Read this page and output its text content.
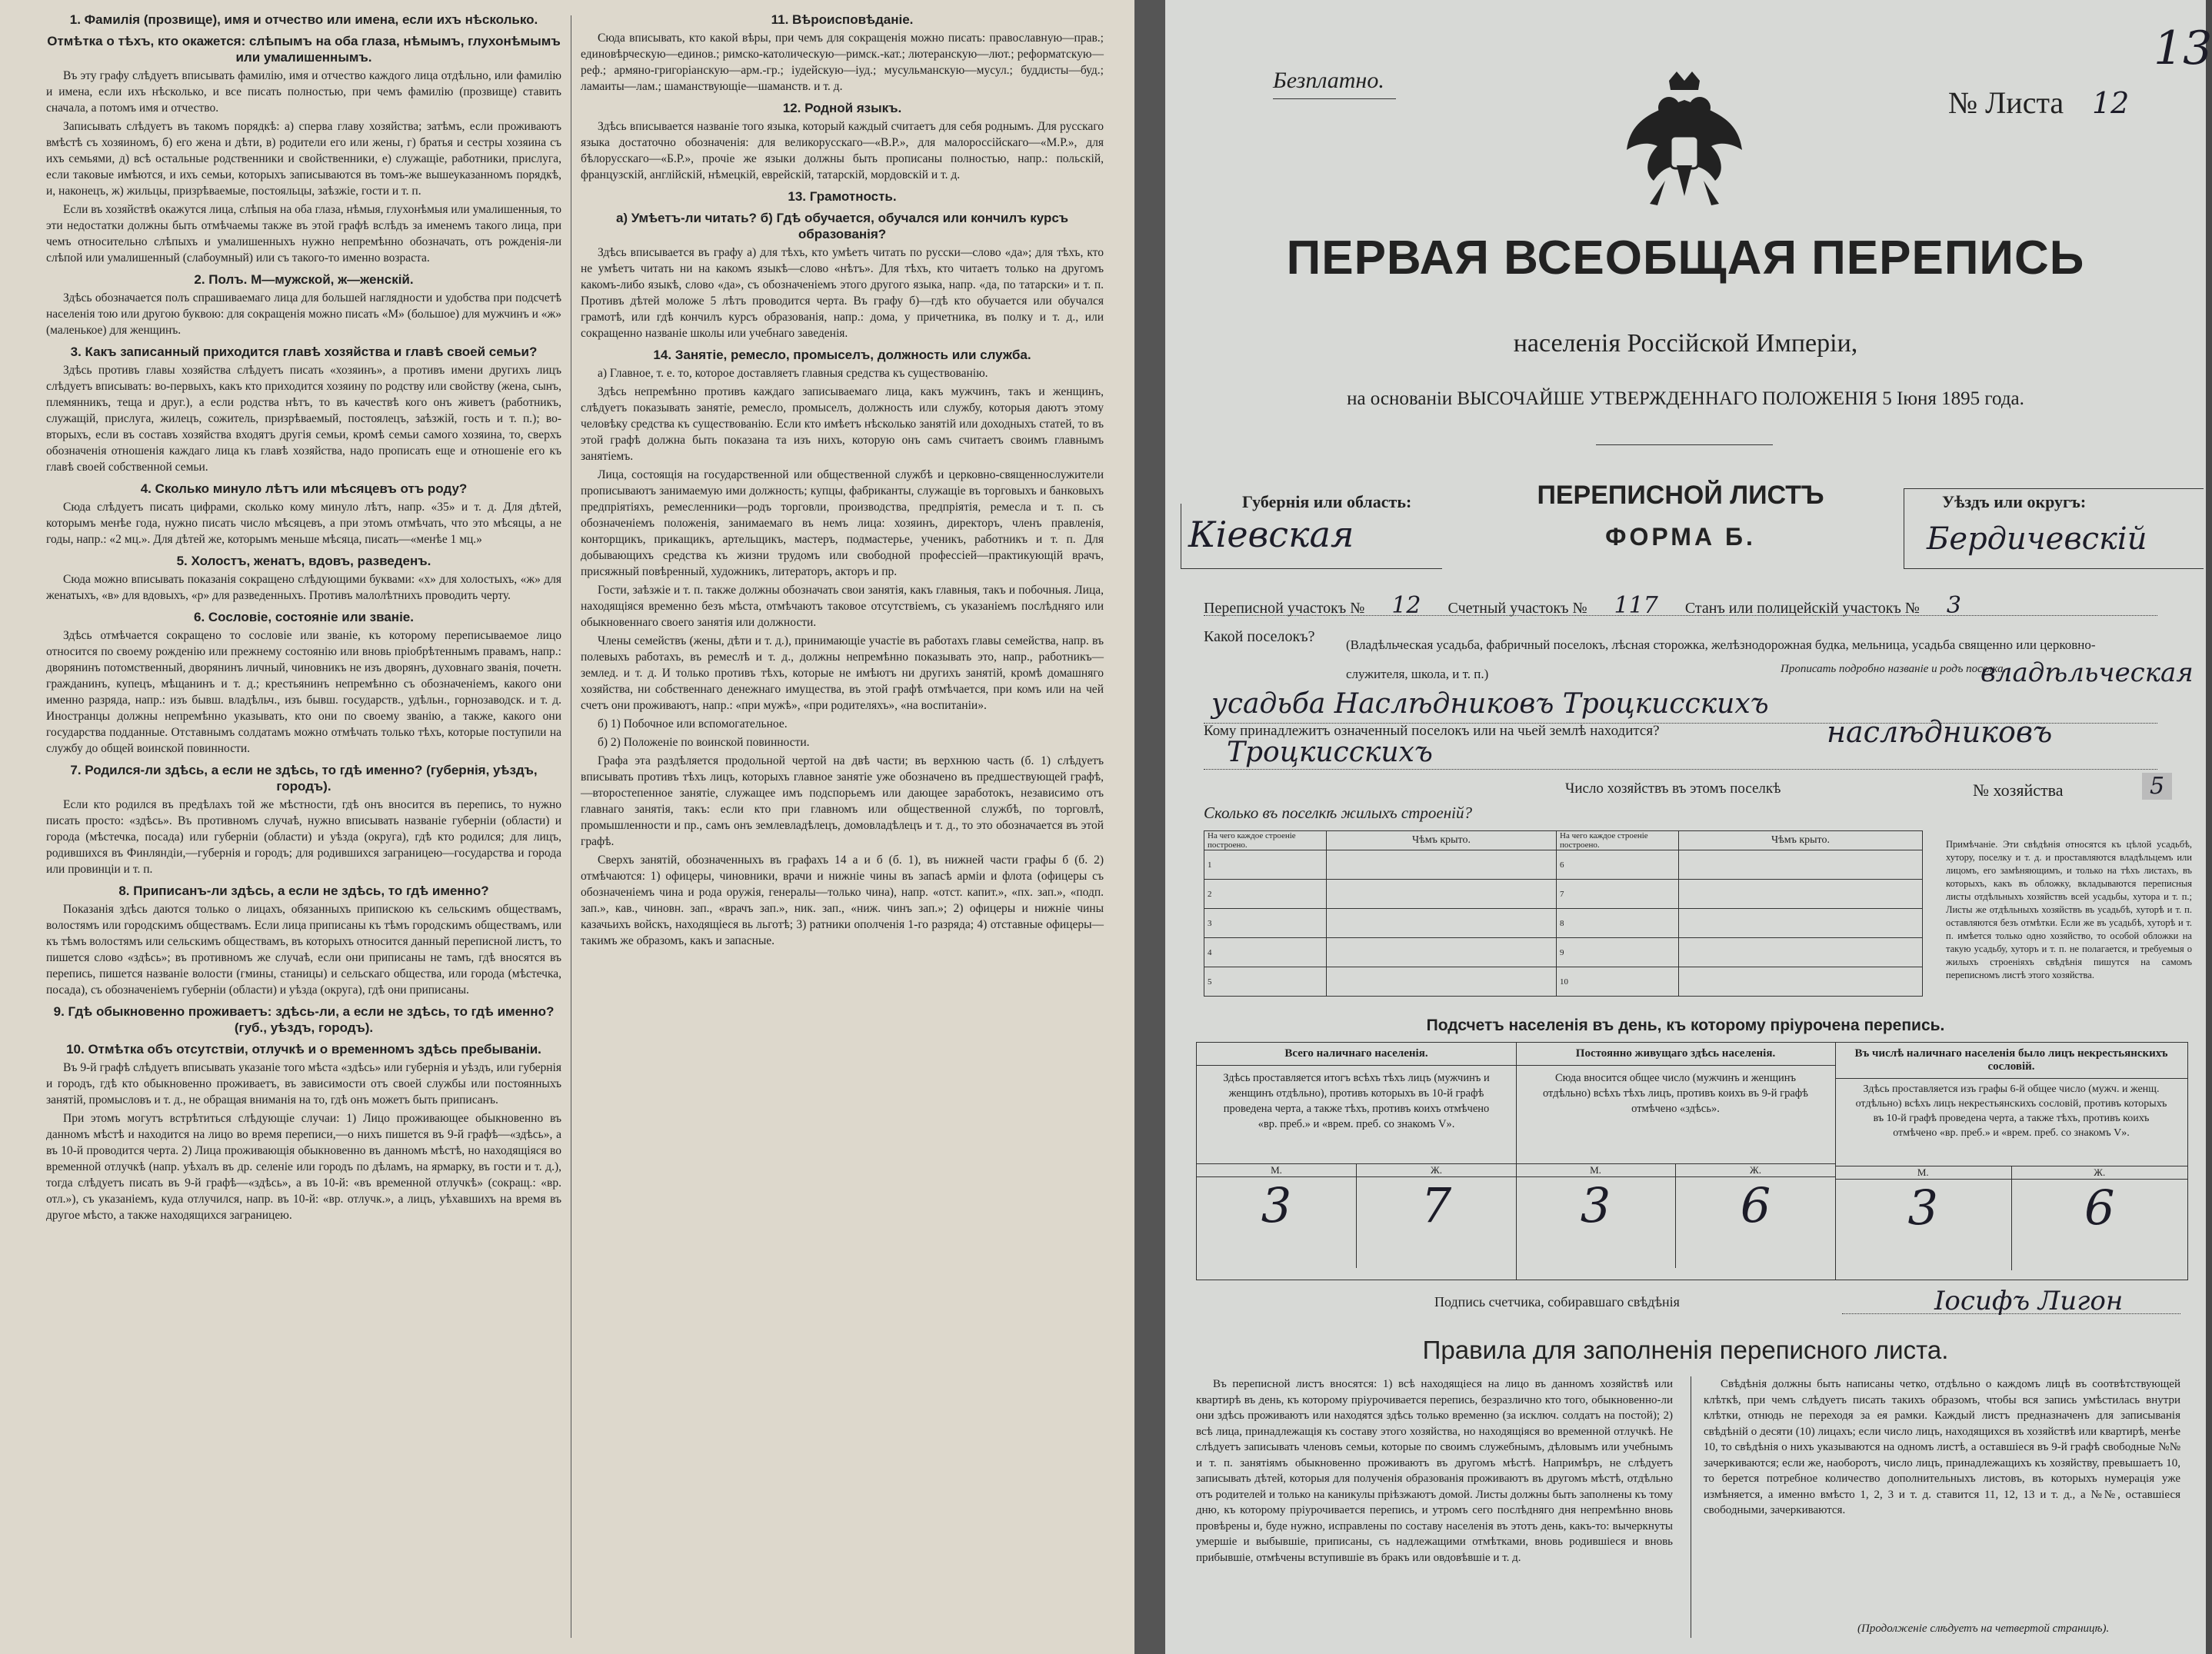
1. Фамилія (прозвище), имя и отчество или имена, если ихъ нѣсколько.
Отмѣтка о тѣхъ, кто окажется: слѣпымъ на оба глаза, нѣмымъ, глухонѣмымъ или умалишеннымъ.

Въ эту графу слѣдуетъ вписывать фамилію, имя и отчество каждого лица отдѣльно, или фамилію и имена, если ихъ нѣсколько, и все писать полностью, при чемъ фамилію (прозвище) ставить сначала, а потомъ имя и отчество.

Записывать слѣдуетъ въ такомъ порядкѣ: а) сперва главу хозяйства; затѣмъ, если проживаютъ вмѣстѣ съ хозяиномъ, б) его жена и дѣти, в) родители его или жены, г) братья и сестры хозяина съ ихъ семьями, д) всѣ остальные родственники и свойственники, е) служащіе, работники, прислуга, если таковые имѣются, и ихъ семьи, которыхъ записываются въ томъ-же вышеуказанномъ порядкѣ, и, наконецъ, ж) жильцы, призрѣваемые, постояльцы, заѣзжіе, гости и т. п.

Если въ хозяйствѣ окажутся лица, слѣпыя на оба глаза, нѣмыя, глухонѣмыя или умалишенныя, то эти недостатки должны быть отмѣчаемы также въ этой графѣ вслѣдъ за именемъ такого лица, при чемъ относительно слѣпыхъ и умалишенныхъ нужно непремѣнно обозначать, отъ рожденія-ли слѣпой или умалишенный (слабоумный) или съ такого-то именно возраста.

2. Полъ. М—мужской, ж—женскій.

Здѣсь обозначается полъ спрашиваемаго лица для большей наглядности и удобства при подсчетѣ населенія тою или другою буквою: для сокращенія можно писать «М» (большое) для мужчинъ и «ж» (маленькое) для женщинъ.

3. Какъ записанный приходится главѣ хозяйства и главѣ своей семьи?

Здѣсь противъ главы хозяйства слѣдуетъ писать «хозяинъ», а противъ имени другихъ лицъ слѣдуетъ вписывать: во-первыхъ, какъ кто приходится хозяину по родству или свойству (жена, сынъ, племянникъ, теща и друг.), а если родства нѣтъ, то въ качествѣ кого онъ живетъ (работникъ, служащій, прислуга, жилецъ, сожитель, призрѣваемый, постоялецъ, заѣзжій, гость и т. п.); во-вторыхъ, если въ составъ хозяйства входятъ другія семьи, кромѣ семьи самого хозяина, то, сверхъ обозначенія отношенія каждаго лица къ главѣ хозяйства, надо прописать еще и отношеніе его къ главѣ своей собственной семьи.

4. Сколько минуло лѣтъ или мѣсяцевъ отъ роду?

Сюда слѣдуетъ писать цифрами, сколько кому минуло лѣтъ, напр. «35» и т. д. Для дѣтей, которымъ менѣе года, нужно писать число мѣсяцевъ, а при этомъ отмѣчать, что это мѣсяцы, а не годы, напр.: «2 мц.». Для дѣтей же, которымъ меньше мѣсяца, писать—«менѣе 1 мц.»

5. Холостъ, женатъ, вдовъ, разведенъ.

Сюда можно вписывать показанія сокращено слѣдующими буквами: «х» для холостыхъ, «ж» для женатыхъ, «в» для вдовыхъ, «р» для разведенныхъ. Противъ малолѣтнихъ проводить черту.

6. Сословіе, состояніе или званіе.

Здѣсь отмѣчается сокращено то сословіе или званіе, къ которому переписываемое лицо относится по своему рожденію или прежнему состоянію или вновь пріобрѣтеннымъ правамъ, напр.: дворянинъ потомственный, дворянинъ личный, чиновникъ не изъ дворянъ, духовнаго званія, почетн. гражданинъ, купецъ, мѣщанинъ и т. д.; крестьянинъ непремѣнно съ обозначеніемъ, какого они именно разряда, напр.: изъ бывш. владѣльч., изъ бывш. государств., удѣльн., горнозаводск. и т. д. Иностранцы должны непремѣнно указывать, кто они по своему званію, а также, какого они государства подданные. Отставнымъ солдатамъ можно отмѣчать только тѣхъ, которые поступили на службу до общей воинской повинности.

7. Родился-ли здѣсь, а если не здѣсь, то гдѣ именно? (губернія, уѣздъ, городъ).

Если кто родился въ предѣлахъ той же мѣстности, гдѣ онъ вносится въ перепись, то нужно писать просто: «здѣсь». Въ противномъ случаѣ, нужно вписывать названіе губерніи (области) и города (мѣстечка, посада) или губерніи (области) и уѣзда (округа), гдѣ кто родился; для лицъ, родившихся въ Финляндіи,—губернія и городъ; для родившихся заграницею—государства и города или провинціи и т. п.

8. Приписанъ-ли здѣсь, а если не здѣсь, то гдѣ именно?

Показанія здѣсь даются только о лицахъ, обязанныхъ припискою къ сельскимъ обществамъ, волостямъ или городскимъ обществамъ. Если лица приписаны къ тѣмъ городскимъ обществамъ, или къ тѣмъ волостямъ или сельскимъ обществамъ, въ которыхъ относится данный переписной листъ, то пишется слово «здѣсь»; въ противномъ же случаѣ, если они приписаны не тамъ, гдѣ вносятся въ перепись, пишется названіе волости (гмины, станицы) и сельскаго общества, или города (мѣстечка, посада), съ обозначеніемъ губерніи (области) и уѣзда (округа), гдѣ они приписаны.

9. Гдѣ обыкновенно проживаетъ: здѣсь-ли, а если не здѣсь, то гдѣ именно? (губ., уѣздъ, городъ).
10. Отмѣтка объ отсутствіи, отлучкѣ и о временномъ здѣсь пребываніи.

Въ 9-й графѣ слѣдуетъ вписывать указаніе того мѣста «здѣсь» или губернія и уѣздъ, или губернія и городъ, гдѣ кто обыкновенно проживаетъ, въ зависимости отъ своей службы или постоянныхъ занятій, промысловъ и т. д., не обращая вниманія на то, гдѣ онъ можетъ быть приписанъ.

При этомъ могутъ встрѣтиться слѣдующіе случаи: 1) Лицо проживающее обыкновенно въ данномъ мѣстѣ и находится на лицо во время переписи,—о нихъ пишется въ 9-й графѣ—«здѣсь», а въ 10-й проводится черта. 2) Лица проживающія обыкновенно въ данномъ мѣстѣ, но находящіяся во временной отлучкѣ (напр. уѣхалъ въ др. селеніе или городъ по дѣламъ, на ярмарку, въ гости и т. д.), тогда слѣдуетъ писать въ 9-й графѣ—«здѣсь», а въ 10-й: «въ временной отлучкѣ» (сокращ.: «вр. отл.»), съ указаніемъ, куда отлучился, напр. въ 10-й: «вр. отлучк.», а лицъ, уѣхавшихъ на время въ другое мѣсто, а также находящихся заграницею.

11. Вѣроисповѣданіе.

Сюда вписывать, кто какой вѣры, при чемъ для сокращенія можно писать: православную—прав.; единовѣрческую—единов.; римско-католическую—римск.-кат.; лютеранскую—лют.; реформатскую—реф.; армяно-григоріанскую—арм.-гр.; іудейскую—іуд.; мусульманскую—мусул.; буддисты—буд.; ламаиты—лам.; шаманствующіе—шаманств. и т. д.

12. Родной языкъ.

Здѣсь вписывается названіе того языка, который каждый считаетъ для себя роднымъ. Для русскаго языка достаточно обозначенія: для великорусскаго—«В.Р.», для малороссійскаго—«М.Р.», для бѣлорусскаго—«Б.Р.», прочіе же языки должны быть прописаны полностью, напр.: польскій, французскій, англійскій, нѣмецкій, еврейскій, татарскій, мордовскій и т. д.

13. Грамотность.
а) Умѣетъ-ли читать? б) Гдѣ обучается, обучался или кончилъ курсъ образованія?

Здѣсь вписывается въ графу а) для тѣхъ, кто умѣетъ читать по русски—слово «да»; для тѣхъ, кто не умѣетъ читать ни на какомъ языкѣ—слово «нѣтъ». Для тѣхъ, кто читаетъ только на другомъ какомъ-либо языкѣ, слово «да», съ обозначеніемъ этого другого языка, напр. «да, по татарски» и т. п. Противъ дѣтей моложе 5 лѣтъ проводится черта. Въ графу б)—гдѣ кто обучается или обучался грамотѣ, или гдѣ кончилъ курсъ образованія, напр.: дома, у причетника, въ полку и т. д., или сокращенно названіе школы или учебнаго заведенія.

14. Занятіе, ремесло, промыселъ, должность или служба.

а) Главное, т. е. то, которое доставляетъ главныя средства къ существованію.

Здѣсь непремѣнно противъ каждаго записываемаго лица, какъ мужчинъ, такъ и женщинъ, слѣдуетъ показывать занятіе, ремесло, промыселъ, должность или службу, которыя даютъ этому человѣку средства къ существованію. Если кто имѣетъ нѣсколько занятій или доходныхъ статей, то въ этой графѣ должна быть показана та изъ нихъ, которую онъ самъ считаетъ своимъ главнымъ занятіемъ.

Лица, состоящія на государственной или общественной службѣ и церковно-священнослужители прописываютъ занимаемую ими должность; купцы, фабриканты, служащіе въ торговыхъ и банковыхъ предпріятіяхъ, ремесленники—родъ торговли, производства, предпріятія, ремесла и т. п. съ обозначеніемъ положенія, занимаемаго въ немъ лица: хозяинъ, директоръ, членъ правленія, конторщикъ, прикащикъ, артельщикъ, мастеръ, подмастерье, ученикъ, работникъ и т. п. Для добывающихъ средства къ жизни трудомъ или свободной профессіей—практикующій врачъ, присяжный повѣренный, художникъ, литераторъ, акторъ и пр.

Гости, заѣзжіе и т. п. также должны обозначать свои занятія, какъ главныя, такъ и побочныя. Лица, находящіяся временно безъ мѣста, отмѣчаютъ таковое отсутствіемъ, съ указаніемъ послѣдняго или обыкновеннаго своего занятія или должности.

Члены семействъ (жены, дѣти и т. д.), принимающіе участіе въ работахъ главы семейства, напр. въ полевыхъ работахъ, въ ремеслѣ и т. д., должны непремѣнно показывать это, напр., работникъ—землед. и т. д. И только противъ тѣхъ, которые не имѣютъ ни другихъ занятій, кромѣ домашняго хозяйства, ни собственнаго денежнаго имущества, въ этой графѣ отмѣчается, при комъ или на чей счетъ они проживаютъ, напр.: «при мужѣ», «при родителяхъ», «на воспитаніи».

б) 1) Побочное или вспомогательное.

б) 2) Положеніе по воинской повинности.

Графа эта раздѣляется продольной чертой на двѣ части; въ верхнюю часть (б. 1) слѣдуетъ вписывать противъ тѣхъ лицъ, которыхъ главное занятіе уже обозначено въ предшествующей графѣ,—второстепенное занятіе, служащее имъ подспорьемъ или дающее заработокъ, независимо отъ главнаго занятія, такъ: если кто при главномъ или общественной службѣ, по торговлѣ, промышленности и пр., самъ онъ землевладѣлецъ, домовладѣлецъ и т. д., то это обозначается въ этой графѣ.

Сверхъ занятій, обозначенныхъ въ графахъ 14 а и б (б. 1), въ нижней части графы б (б. 2) отмѣчаются: 1) офицеры, чиновники, врачи и нижніе чины въ запасѣ арміи и флота (офицеры съ обозначеніемъ чина и рода оружія, генералы—только чина), напр. «отст. капит.», «пх. зап.», «подп. зап.», кав., чиновн. зап., «врачъ зап.», ник. зап., «ниж. чинъ зап.»; 2) офицеры и нижніе чины казачьихъ войскъ, находящіеся вь льготѣ; 3) ратники ополченія 1-го разряда; 4) отставные офицеры—такимъ же образомъ, какъ и запасные.

Безплатно.
№ Листа 12
13
ПЕРВАЯ ВСЕОБЩАЯ ПЕРЕПИСЬ
населенія Россійской Имперіи,
на основаніи ВЫСОЧАЙШЕ УТВЕРЖДЕННАГО ПОЛОЖЕНІЯ 5 Іюня 1895 года.
Губернія или область:
Кіевская
ПЕРЕПИСНОЙ ЛИСТЪ
ФОРМА Б.
Уѣздъ или округъ:
Бердичевскій
Переписной участокъ № 12 Счетный участокъ № 117 Станъ или полицейскій участокъ № 3
Какой поселокъ? (Владѣльческая усадьба, фабричный поселокъ, лѣсная сторожка, желѣзнодорожная будка, мельница, усадьба священно или церковно-служителя, школа, и т. п.)	Прописать подробно названіе и родъ поселка.
владѣльческая
усадьба Наслѣдниковъ Троцкисскихъ
Кому принадлежитъ означенный поселокъ или на чьей землѣ находится?	наслѣдниковъ
Троцкисскихъ
Число хозяйствъ въ этомъ поселкѣ	№ хозяйства	5
Сколько въ поселкѣ жилыхъ строеній?
На чего каждое строеніе построено.	Чѣмъ крыто.	На чего каждое строеніе построено.	Чѣмъ крыто.
1		6	
2		7	
3		8	
4		9	
5		10	
Примѣчаніе. Эти свѣдѣнія относятся къ цѣлой усадьбѣ, хутору, поселку и т. д. и проставляются владѣльцемъ или лицомъ, его замѣняющимъ, и только на тѣхъ листахъ, въ которыхъ, какъ въ обложку, вкладываются переписныя листы отдѣльныхъ хозяйствъ всей усадьбы, хутора и т. п.; Листы же отдѣльныхъ хозяйствъ въ усадьбѣ, хуторѣ и т. п. оставляются безъ отмѣтки. Если же въ усадьбѣ, хуторѣ и т. п. имѣется только одно хозяйство, то особой обложки на такую усадьбу, хуторъ и т. п. не полагается, и требуемыя о жилыхъ строеніяхъ свѣдѣнія пишутся на самомъ переписномъ листѣ этого хозяйства.
Подсчетъ населенія въ день, къ которому пріурочена перепись.
Всего наличнаго населенія.
Здѣсь проставляется итогъ всѣхъ тѣхъ лицъ (мужчинъ и женщинъ отдѣльно), противъ которыхъ въ 10-й графѣ проведена черта, а также тѣхъ, противъ коихъ отмѣчено «вр. преб.» и «врем. преб. со знакомъ V».
М.	Ж.
3	7
Постоянно живущаго здѣсь населенія.
Сюда вносится общее число (мужчинъ и женщинъ отдѣльно) всѣхъ тѣхъ лицъ, противъ коихъ въ 9-й графѣ отмѣчено «здѣсь».
М.	Ж.
3	6
Въ числѣ наличнаго населенія было лицъ некрестьянскихъ сословій.
Здѣсь проставляется изъ графы 6-й общее число (мужч. и женщ. отдѣльно) всѣхъ лицъ некрестьянскихъ сословій, противъ которыхъ въ 10-й графѣ проведена черта, а также тѣхъ, противъ коихъ отмѣчено «вр. преб.» и «врем. преб. со знакомъ V».
М.	Ж.
3	6
Подпись счетчика, собиравшаго свѣдѣнія	Іосифъ Лигон
Правила для заполненія переписного листа.
Въ переписной листъ вносятся: 1) всѣ находящіеся на лицо въ данномъ хозяйствѣ или квартирѣ въ день, къ которому пріурочивается перепись, безразлично кто того, обыкновенно-ли они здѣсь проживаютъ или находятся здѣсь только временно (за исключ. солдатъ на постой); 2) всѣ лица, принадлежащія къ составу этого хозяйства, но находящіяся во временной отлучкѣ. Не слѣдуетъ записывать членовъ семьи, которые по своимъ служебнымъ, дѣловымъ или учебнымъ и т. п. занятіямъ обыкновенно проживаютъ въ другомъ мѣстѣ. Напримѣръ, не слѣдуетъ записывать дѣтей, которыя для полученія образованія проживаютъ въ другомъ мѣстѣ, отдѣльно отъ родителей и только на каникулы пріѣзжаютъ домой. Листы должны быть заполнены къ тому дню, къ которому пріурочивается перепись, и утромъ сего послѣдняго дня непремѣнно вновь провѣрены и, буде нужно, исправлены по составу населенія въ этотъ день, какъ-то: вычеркнуты умершіе и выбывшіе, приписаны, съ надлежащими отмѣтками, вновь родившіеся и вновь прибывшіе, отмѣчены вступившіе въ бракъ или овдовѣвшіе и т. д.
Свѣдѣнія должны быть написаны четко, отдѣльно о каждомъ лицѣ въ соотвѣтствующей клѣткѣ, при чемъ слѣдуетъ писать такихъ образомъ, чтобы вся запись умѣстилась внутри клѣтки, отнюдь не переходя за ея рамки. Каждый листъ предназначенъ для записыванія свѣдѣній о десяти (10) лицахъ; если число лицъ, находящихся въ хозяйствѣ или квартирѣ, менѣе 10, то свѣдѣнія о нихъ указываются на одномъ листѣ, а оставшіеся въ 9-й графѣ свободные №№ зачеркиваются; если же, наоборотъ, число лицъ, принадлежащихъ къ хозяйству, превышаетъ 10, то берется потребное количество дополнительныхъ листовъ, въ которыхъ нумерація уже измѣняется, а именно вмѣсто 1, 2, 3 и т. д. ставится 11, 12, 13 и т. д., а №№, оставшіеся свободными, зачеркиваются.
(Продолженіе слѣдуетъ на четвертой страницѣ).
